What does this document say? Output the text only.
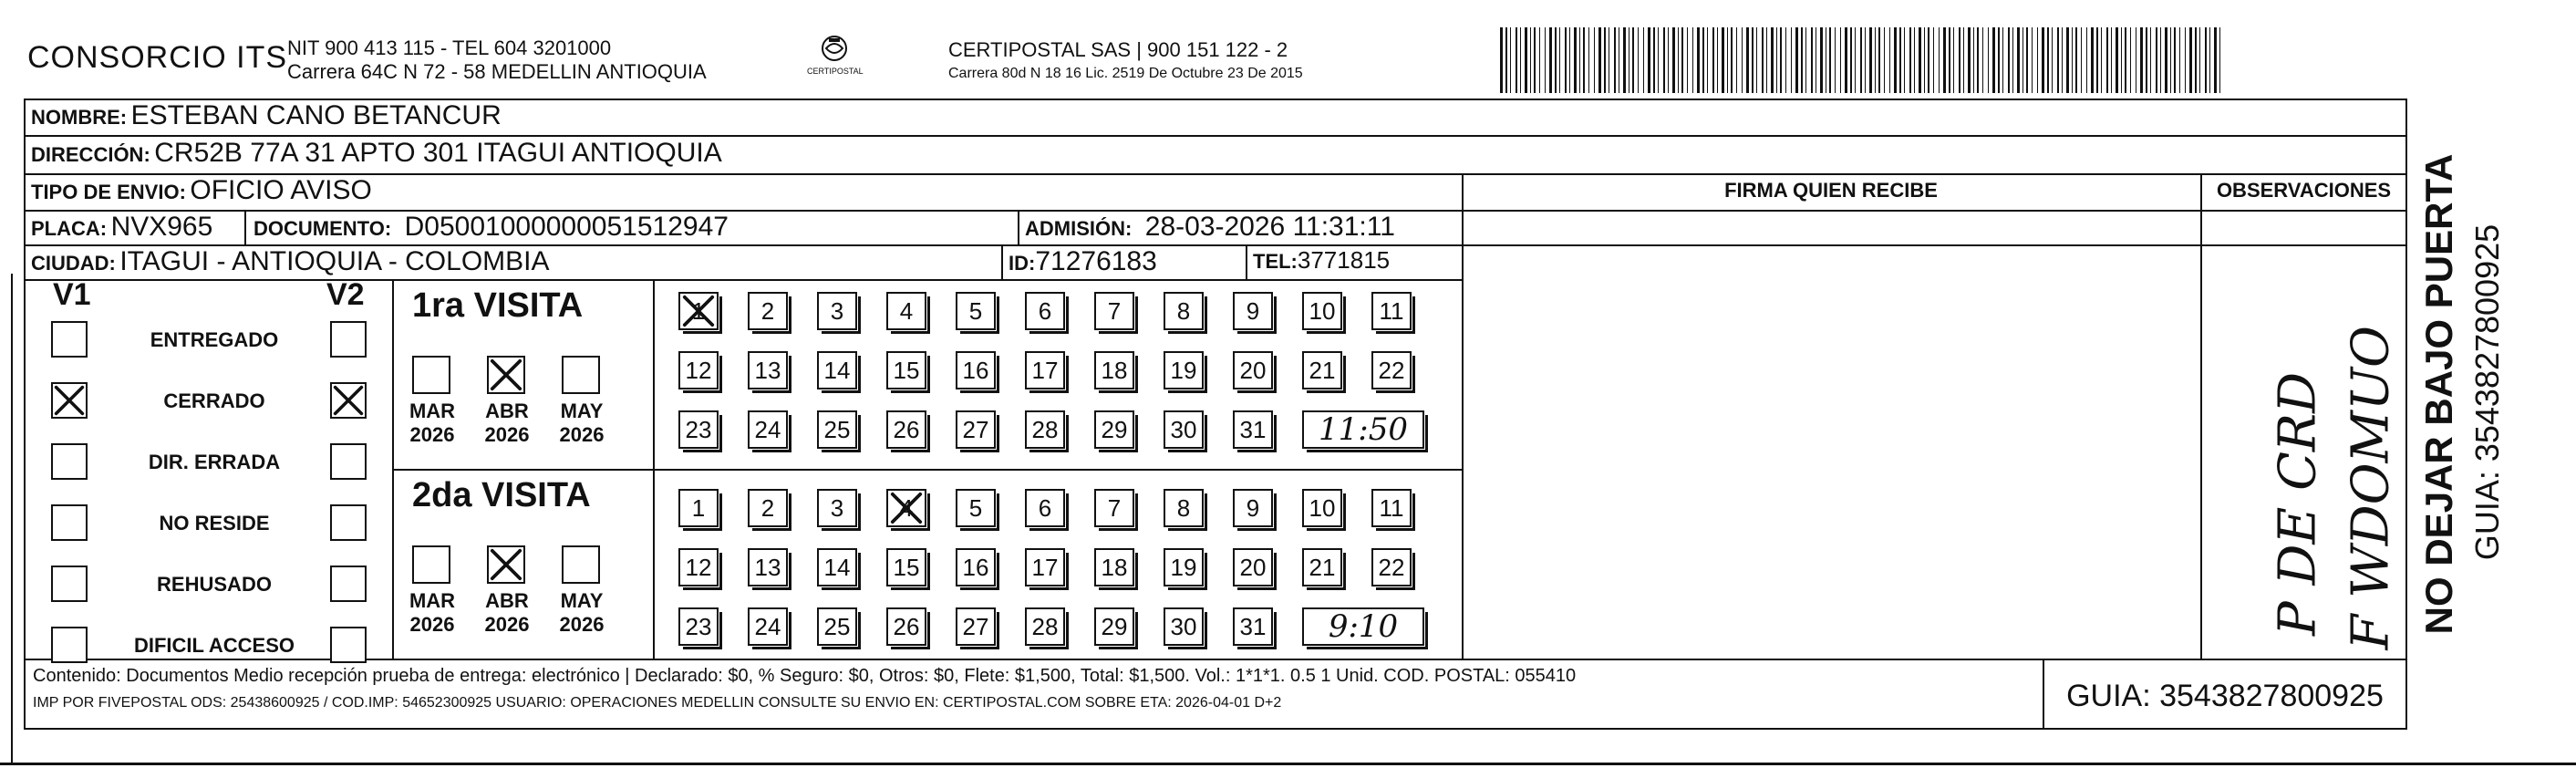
CONSORCIO ITS NIT 900 413 115 - TEL 604 3201000
Carrera 64C N 72 - 58 MEDELLIN ANTIOQUIA	CERTIPOSTAL
CERTIPOSTAL SAS | 900 151 122 - 2
Carrera 80d N 18 16 Lic. 2519 De Octubre 23 De 2015
NOMBRE: ESTEBAN CANO BETANCUR
DIRECCIÓN: CR52B 77A 31 APTO 301 ITAGUI ANTIOQUIA
TIPO DE ENVIO: OFICIO AVISO	FIRMA QUIEN RECIBE	OBSERVACIONES
PLACA: NVX965 DOCUMENTO: D05001000000051512947	ADMISIÓN: 28-03-2026 11:31:11
CIUDAD: ITAGUI - ANTIOQUIA - COLOMBIA	ID:71276183	TEL:3771815
V1	V2
ENTREGADO
CERRADO
DIR. ERRADA
NO RESIDE
REHUSADO
DIFICIL ACCESO
1ra VISITA
MAR
2026
ABR
2026
MAY
2026
1	2	3	4	5	6	7	8	9	10	11
12 13 14 15 16 17 18 19 20 21 22
23 24 25 26 27 28 29 30 31	11:50
2da VISITA
MAR
2026
ABR
2026
MAY
2026
1	2	3	4	5	6	7	8	9	10	11
12 13 14 15 16 17 18 19 20 21 22
23 24 25 26 27 28 29 30 31	9:10	P DE CRD F WDOMUO
Contenido: Documentos Medio recepción prueba de entrega: electrónico | Declarado: $0, % Seguro: $0, Otros: $0, Flete: $1,500, Total: $1,500. Vol.: 1*1*1. 0.5 1 Unid. COD. POSTAL: 055410
IMP POR FIVEPOSTAL ODS: 25438600925 / COD.IMP: 54652300925 USUARIO: OPERACIONES MEDELLIN CONSULTE SU ENVIO EN: CERTIPOSTAL.COM SOBRE ETA: 2026-04-01 D+2	GUIA: 3543827800925
NO DEJAR BAJO PUERTA GUIA: 3543827800925
